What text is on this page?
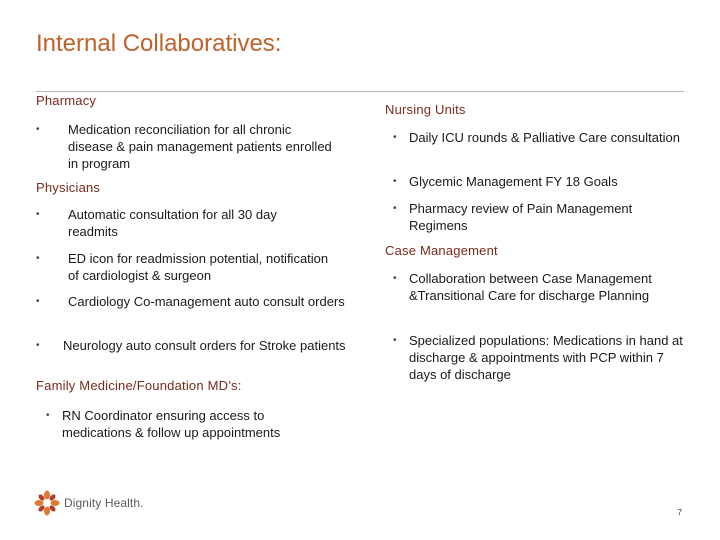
Internal Collaboratives:
Pharmacy
•	Medication reconciliation for all chronic disease & pain management patients enrolled in program
Physicians
•	Automatic consultation for all 30 day readmits
•	ED icon for readmission potential, notification of cardiologist & surgeon
•	Cardiology Co-management auto consult orders
•	Neurology auto consult orders for Stroke patients
Family Medicine/Foundation MD’s:
• RN Coordinator ensuring access to medications & follow up appointments
Nursing Units
• Daily ICU rounds & Palliative Care consultation
• Glycemic Management FY 18 Goals
• Pharmacy review of Pain Management Regimens
Case Management
• Collaboration between Case Management &Transitional Care for discharge Planning
• Specialized populations: Medications in hand at discharge & appointments with PCP within 7 days of discharge
Dignity Health.
7
